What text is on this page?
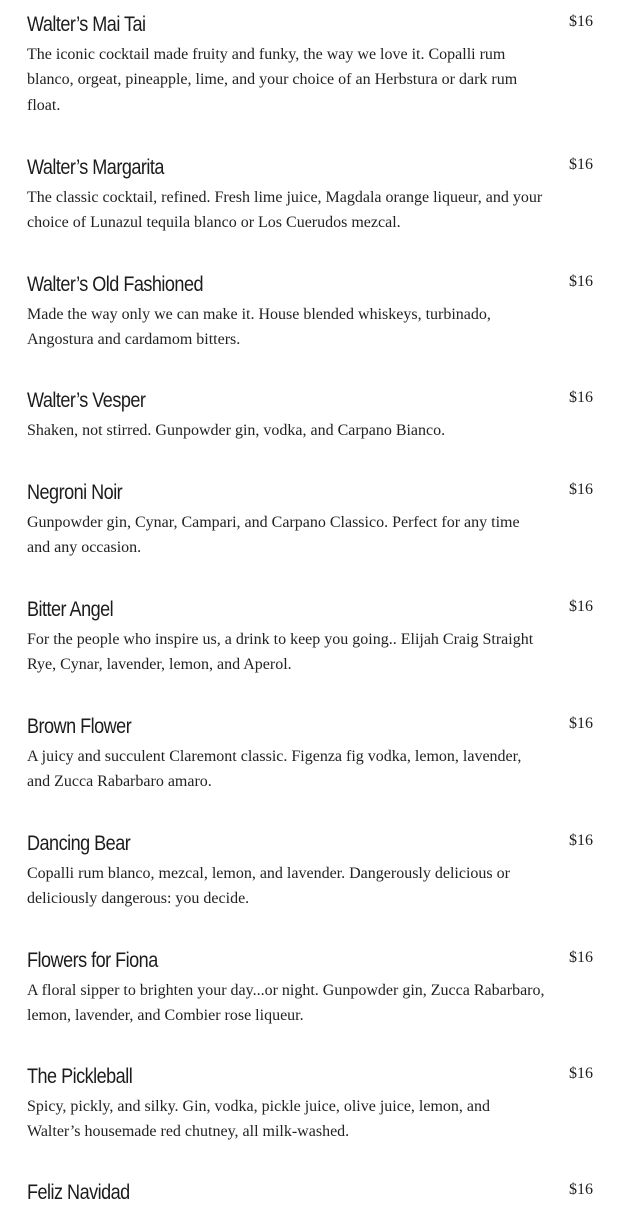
Walter’s Mai Tai	$16
The iconic cocktail made fruity and funky, the way we love it. Copalli rum blanco, orgeat, pineapple, lime, and your choice of an Herbstura or dark rum float.
Walter’s Margarita	$16
The classic cocktail, refined. Fresh lime juice, Magdala orange liqueur, and your choice of Lunazul tequila blanco or Los Cuerudos mezcal.
Walter’s Old Fashioned	$16
Made the way only we can make it. House blended whiskeys, turbinado, Angostura and cardamom bitters.
Walter’s Vesper	$16
Shaken, not stirred. Gunpowder gin, vodka, and Carpano Bianco.
Negroni Noir	$16
Gunpowder gin, Cynar, Campari, and Carpano Classico. Perfect for any time and any occasion.
Bitter Angel	$16
For the people who inspire us, a drink to keep you going.. Elijah Craig Straight Rye, Cynar, lavender, lemon, and Aperol.
Brown Flower	$16
A juicy and succulent Claremont classic. Figenza fig vodka, lemon, lavender, and Zucca Rabarbaro amaro.
Dancing Bear	$16
Copalli rum blanco, mezcal, lemon, and lavender. Dangerously delicious or deliciously dangerous: you decide.
Flowers for Fiona	$16
A floral sipper to brighten your day...or night. Gunpowder gin, Zucca Rabarbaro, lemon, lavender, and Combier rose liqueur.
The Pickleball	$16
Spicy, pickly, and silky. Gin, vodka, pickle juice, olive juice, lemon, and Walter’s housemade red chutney, all milk-washed.
Feliz Navidad	$16
